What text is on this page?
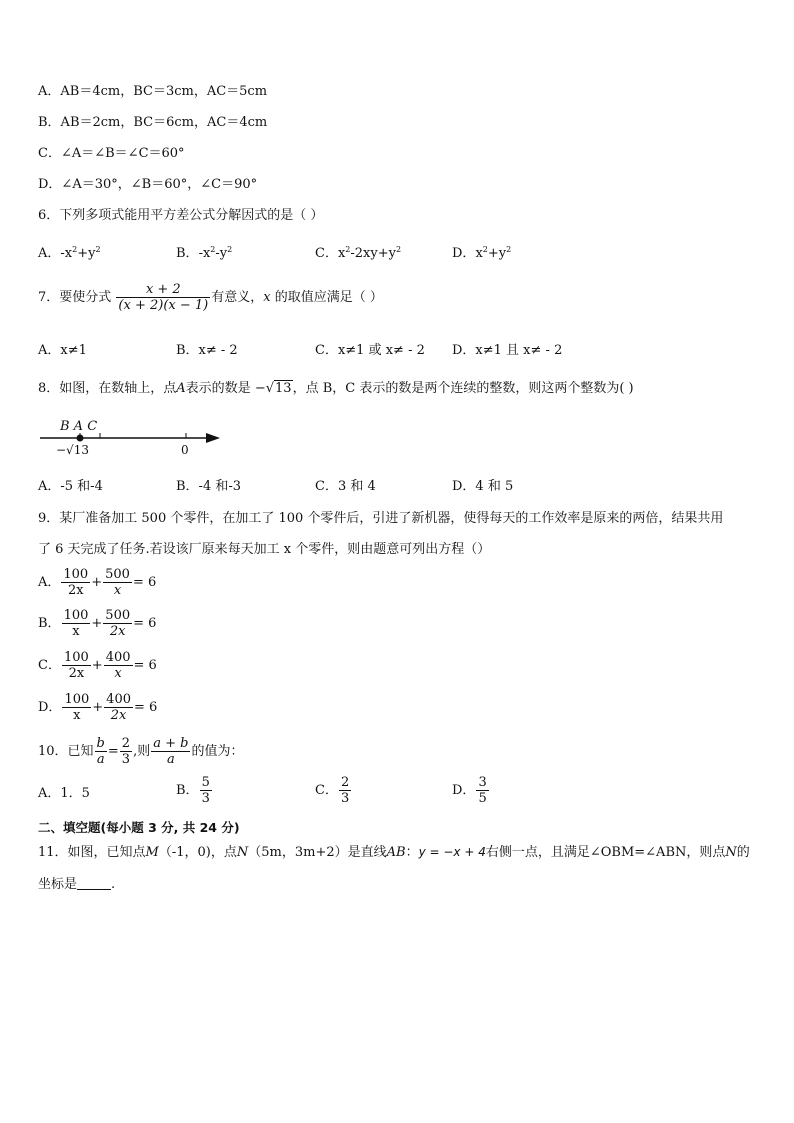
A．AB＝4cm，BC＝3cm，AC＝5cm
B．AB＝2cm，BC＝6cm，AC＝4cm
C．∠A＝∠B＝∠C＝60°
D．∠A＝30°，∠B＝60°，∠C＝90°
6．下列多项式能用平方差公式分解因式的是（ ）
A．$-x^2+y^2$	B．$-x^2-y^2$	C．$x^2-2xy+y^2$	D．$x^2+y^2$
7．要使分式 $\frac{x + 2}{(x + 2)(x - 1)}$ 有意义，x 的取值应满足（ ）
A．x≠1	B．x≠ - 2	C．x≠1 或 x≠ - 2 D．x≠1 且 x≠ - 2
8．如图，在数轴上，点A表示的数是 −√13，点 B，C 表示的数是两个连续的整数，则这两个整数为( )
B A C
−√13	0
A．-5 和-4	B．-4 和-3	C．3 和 4	D．4 和 5
9．某厂准备加工 500 个零件，在加工了 100 个零件后，引进了新机器，使得每天的工作效率是原来的两倍，结果共用
了 6 天完成了任务.若设该厂原来每天加工 x 个零件，则由题意可列出方程（）
A． $\frac{100}{2x} + \frac{500}{x} = 6$
B． $\frac{100}{x} + \frac{500}{2x} = 6$
C． $\frac{100}{2x} + \frac{400}{x} = 6$
D． $\frac{100}{x} + \frac{400}{2x} = 6$
10．已知 $\frac{b}{a} = \frac{2}{3}$ ,则 $\frac{a + b}{a}$ 的值为：
A．1．5	B． $\frac{5}{3}$	C． $\frac{2}{3}$	D． $\frac{3}{5}$
二、填空题(每小题 3 分, 共 24 分)
11．如图，已知点M（-1，0)，点N（5m，3m+2）是直线AB：y = −x + 4右侧一点，且满足∠OBM=∠ABN，则点N的
坐标是	.
